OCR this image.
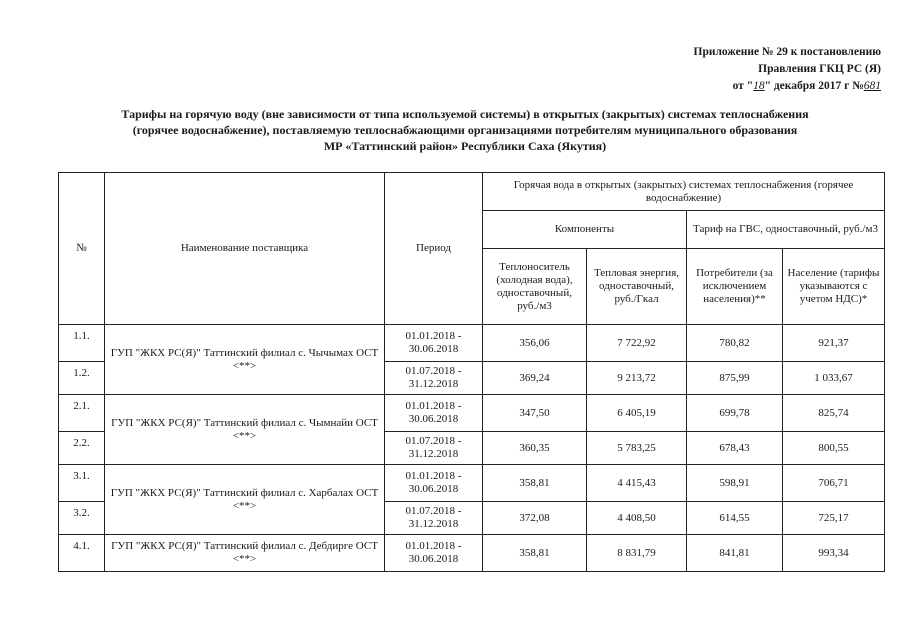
Приложение № 29 к постановлению
Правления ГКЦ РС (Я)
от "18" декабря 2017 г №681
Тарифы на горячую воду (вне зависимости от типа используемой системы) в открытых (закрытых) системах теплоснабжения
(горячее водоснабжение), поставляемую теплоснабжающими организациями потребителям муниципального образования
МР «Таттинский район» Республики Саха (Якутия)
№	Наименование поставщика	Период	Горячая вода в открытых (закрытых) системах теплоснабжения (горячее водоснабжение)			
			Компоненты		Тариф на ГВС, одноставочный, руб./м3	
			Теплоноситель (холодная вода), одноставочный, руб./м3	Тепловая энергия, одноставочный, руб./Гкал	Потребители (за исключением населения)**	Население (тарифы указываются с учетом НДС)*
1.1.	ГУП "ЖКХ РС(Я)" Таттинский филиал с. Чычымах ОСТ <**>	01.01.2018 - 30.06.2018	356,06	7 722,92	780,82	921,37
1.2.		01.07.2018 - 31.12.2018	369,24	9 213,72	875,99	1 033,67
2.1.	ГУП "ЖКХ РС(Я)" Таттинский филиал с. Чымнайи ОСТ <**>	01.01.2018 - 30.06.2018	347,50	6 405,19	699,78	825,74
2.2.		01.07.2018 - 31.12.2018	360,35	5 783,25	678,43	800,55
3.1.	ГУП "ЖКХ РС(Я)" Таттинский филиал с. Харбалах ОСТ <**>	01.01.2018 - 30.06.2018	358,81	4 415,43	598,91	706,71
3.2.		01.07.2018 - 31.12.2018	372,08	4 408,50	614,55	725,17
4.1.	ГУП "ЖКХ РС(Я)" Таттинский филиал с. Дебдирге ОСТ <**>	01.01.2018 - 30.06.2018	358,81	8 831,79	841,81	993,34
